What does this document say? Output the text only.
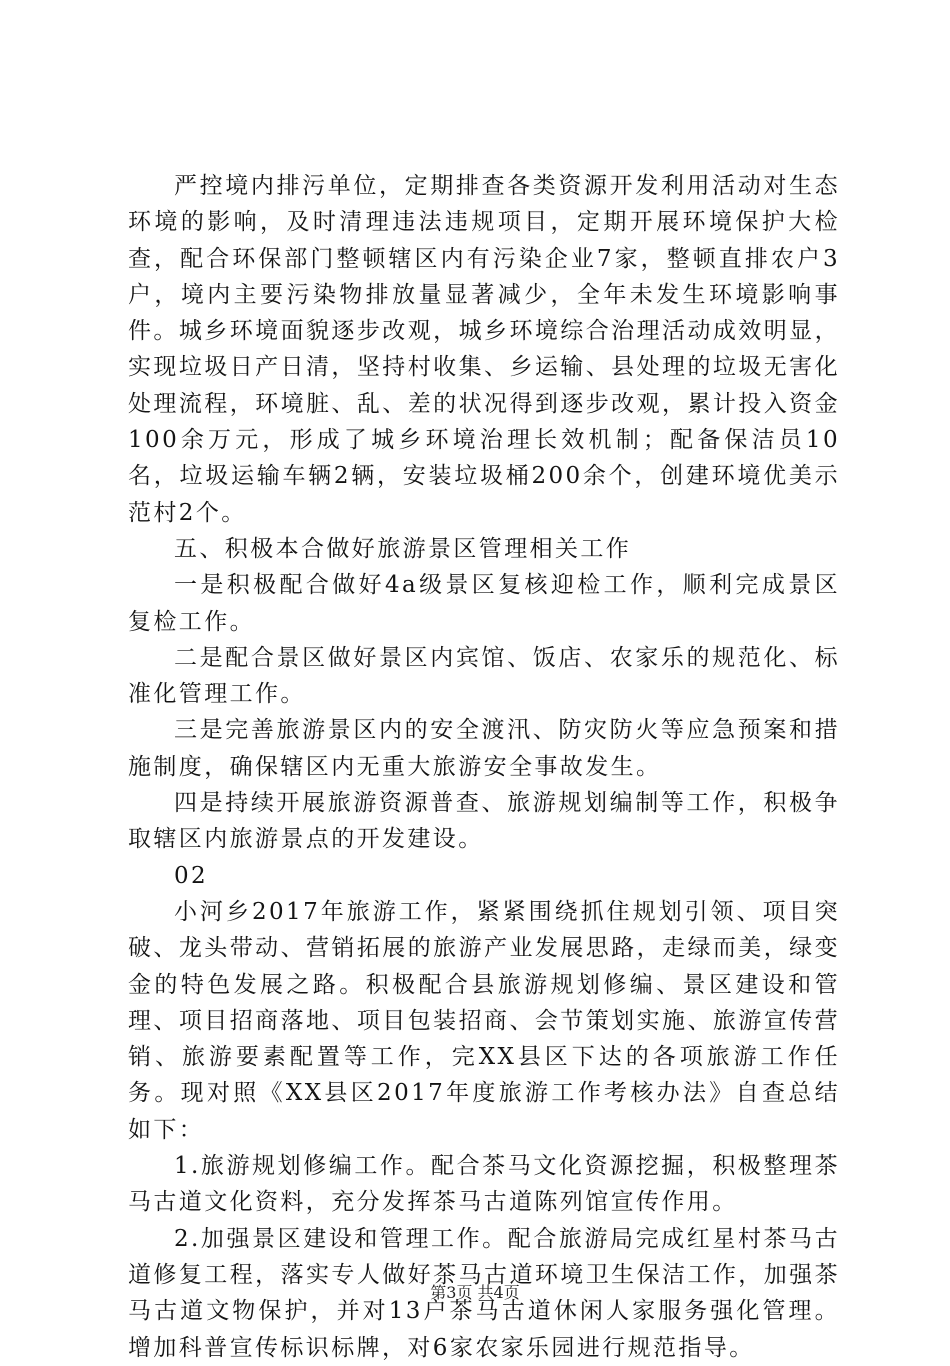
严控境内排污单位，定期排查各类资源开发利用活动对生态环境的影响，及时清理违法违规项目，定期开展环境保护大检查，配合环保部门整顿辖区内有污染企业7家，整顿直排农户3户，境内主要污染物排放量显著减少，全年未发生环境影响事件。城乡环境面貌逐步改观，城乡环境综合治理活动成效明显，实现垃圾日产日清，坚持村收集、乡运输、县处理的垃圾无害化处理流程，环境脏、乱、差的状况得到逐步改观，累计投入资金100余万元，形成了城乡环境治理长效机制；配备保洁员10名，垃圾运输车辆2辆，安装垃圾桶200余个，创建环境优美示范村2个。

五、积极本合做好旅游景区管理相关工作

一是积极配合做好4a级景区复核迎检工作，顺利完成景区复检工作。

二是配合景区做好景区内宾馆、饭店、农家乐的规范化、标准化管理工作。

三是完善旅游景区内的安全渡汛、防灾防火等应急预案和措施制度，确保辖区内无重大旅游安全事故发生。

四是持续开展旅游资源普查、旅游规划编制等工作，积极争取辖区内旅游景点的开发建设。

02

小河乡2017年旅游工作，紧紧围绕抓住规划引领、项目突破、龙头带动、营销拓展的旅游产业发展思路，走绿而美，绿变金的特色发展之路。积极配合县旅游规划修编、景区建设和管理、项目招商落地、项目包装招商、会节策划实施、旅游宣传营销、旅游要素配置等工作，完XX县区下达的各项旅游工作任务。现对照《XX县区2017年度旅游工作考核办法》自查总结如下：

1.旅游规划修编工作。配合茶马文化资源挖掘，积极整理茶马古道文化资料，充分发挥茶马古道陈列馆宣传作用。

2.加强景区建设和管理工作。配合旅游局完成红星村茶马古道修复工程，落实专人做好茶马古道环境卫生保洁工作，加强茶马古道文物保护，并对13户茶马古道休闲人家服务强化管理。增加科普宣传标识标牌，对6家农家乐园进行规范指导。

第3页 共4页
